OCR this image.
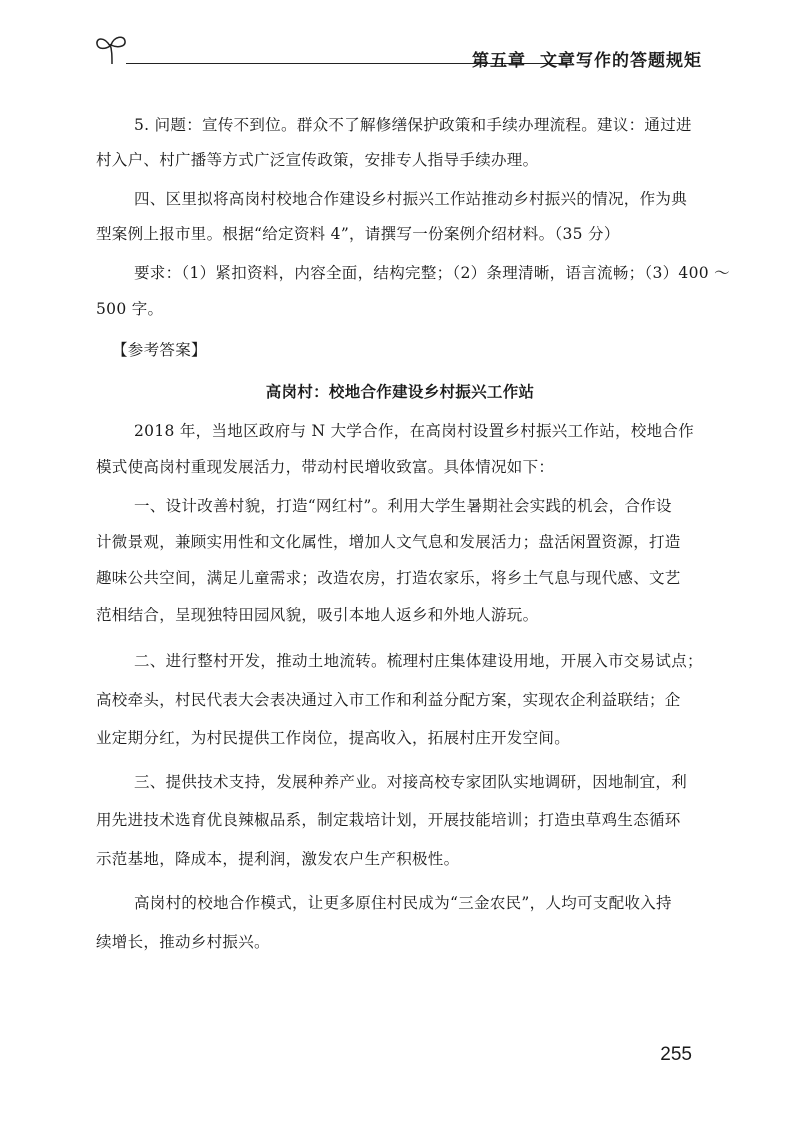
第五章 文章写作的答题规矩
5. 问题：宣传不到位。群众不了解修缮保护政策和手续办理流程。建议：通过进
村入户、村广播等方式广泛宣传政策，安排专人指导手续办理。
四、区里拟将高岗村校地合作建设乡村振兴工作站推动乡村振兴的情况，作为典
型案例上报市里。根据“给定资料 4”，请撰写一份案例介绍材料。（35 分）
要求：（1）紧扣资料，内容全面，结构完整；（2）条理清晰，语言流畅；（3）400 ～
500 字。
【参考答案】
高岗村：校地合作建设乡村振兴工作站
2018 年，当地区政府与 N 大学合作，在高岗村设置乡村振兴工作站，校地合作
模式使高岗村重现发展活力，带动村民增收致富。具体情况如下：
一、设计改善村貌，打造“网红村”。利用大学生暑期社会实践的机会，合作设
计微景观，兼顾实用性和文化属性，增加人文气息和发展活力；盘活闲置资源，打造
趣味公共空间，满足儿童需求；改造农房，打造农家乐，将乡土气息与现代感、文艺
范相结合，呈现独特田园风貌，吸引本地人返乡和外地人游玩。
二、进行整村开发，推动土地流转。梳理村庄集体建设用地，开展入市交易试点；
高校牵头，村民代表大会表决通过入市工作和利益分配方案，实现农企利益联结；企
业定期分红，为村民提供工作岗位，提高收入，拓展村庄开发空间。
三、提供技术支持，发展种养产业。对接高校专家团队实地调研，因地制宜，利
用先进技术选育优良辣椒品系，制定栽培计划，开展技能培训；打造虫草鸡生态循环
示范基地，降成本，提利润，激发农户生产积极性。
高岗村的校地合作模式，让更多原住村民成为“三金农民”，人均可支配收入持
续增长，推动乡村振兴。
255
